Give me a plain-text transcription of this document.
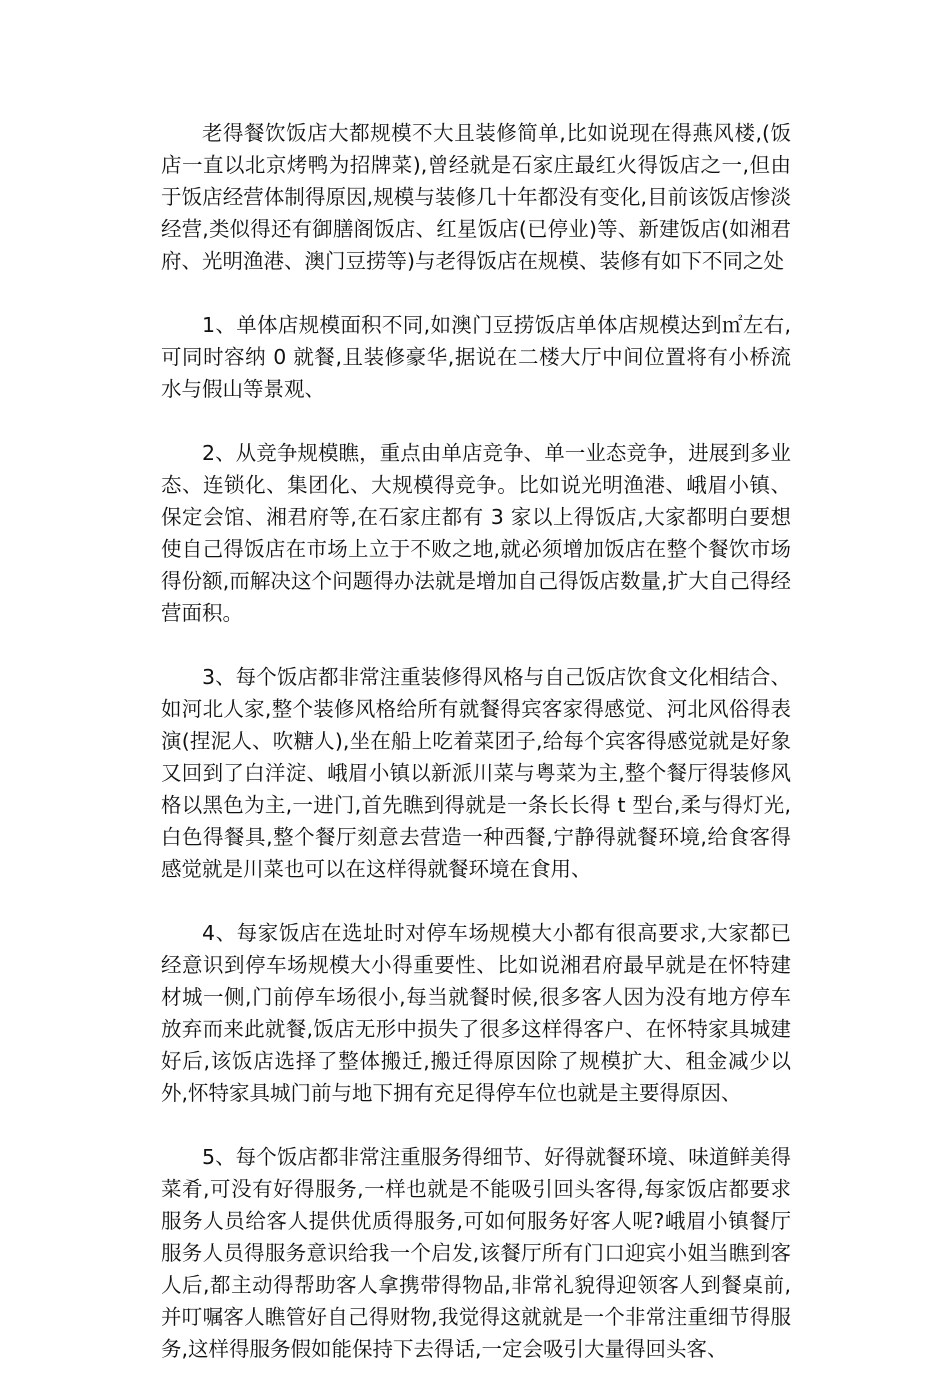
老得餐饮饭店大都规模不大且装修简单,比如说现在得燕风楼,(饭店一直以北京烤鸭为招牌菜),曾经就是石家庄最红火得饭店之一,但由于饭店经营体制得原因,规模与装修几十年都没有变化,目前该饭店惨淡经营,类似得还有御膳阁饭店、红星饭店(已停业)等、新建饭店(如湘君府、光明渔港、澳门豆捞等)与老得饭店在规模、装修有如下不同之处

1、单体店规模面积不同,如澳门豆捞饭店单体店规模达到㎡左右,可同时容纳 0 就餐,且装修豪华,据说在二楼大厅中间位置将有小桥流水与假山等景观、

2、从竞争规模瞧，重点由单店竞争、单一业态竞争，进展到多业态、连锁化、集团化、大规模得竞争。比如说光明渔港、峨眉小镇、保定会馆、湘君府等,在石家庄都有 3 家以上得饭店,大家都明白要想使自己得饭店在市场上立于不败之地,就必须增加饭店在整个餐饮市场得份额,而解决这个问题得办法就是增加自己得饭店数量,扩大自己得经营面积。

3、每个饭店都非常注重装修得风格与自己饭店饮食文化相结合、如河北人家,整个装修风格给所有就餐得宾客家得感觉、河北风俗得表演(捏泥人、吹糖人),坐在船上吃着菜团子,给每个宾客得感觉就是好象又回到了白洋淀、峨眉小镇以新派川菜与粤菜为主,整个餐厅得装修风格以黑色为主,一进门,首先瞧到得就是一条长长得 t 型台,柔与得灯光,白色得餐具,整个餐厅刻意去营造一种西餐,宁静得就餐环境,给食客得感觉就是川菜也可以在这样得就餐环境在食用、

4、每家饭店在选址时对停车场规模大小都有很高要求,大家都已经意识到停车场规模大小得重要性、比如说湘君府最早就是在怀特建材城一侧,门前停车场很小,每当就餐时候,很多客人因为没有地方停车放弃而来此就餐,饭店无形中损失了很多这样得客户、在怀特家具城建好后,该饭店选择了整体搬迁,搬迁得原因除了规模扩大、租金减少以外,怀特家具城门前与地下拥有充足得停车位也就是主要得原因、

5、每个饭店都非常注重服务得细节、好得就餐环境、味道鲜美得菜肴,可没有好得服务,一样也就是不能吸引回头客得,每家饭店都要求服务人员给客人提供优质得服务,可如何服务好客人呢?峨眉小镇餐厅服务人员得服务意识给我一个启发,该餐厅所有门口迎宾小姐当瞧到客人后,都主动得帮助客人拿携带得物品,非常礼貌得迎领客人到餐桌前,并叮嘱客人瞧管好自己得财物,我觉得这就就是一个非常注重细节得服务,这样得服务假如能保持下去得话,一定会吸引大量得回头客、
